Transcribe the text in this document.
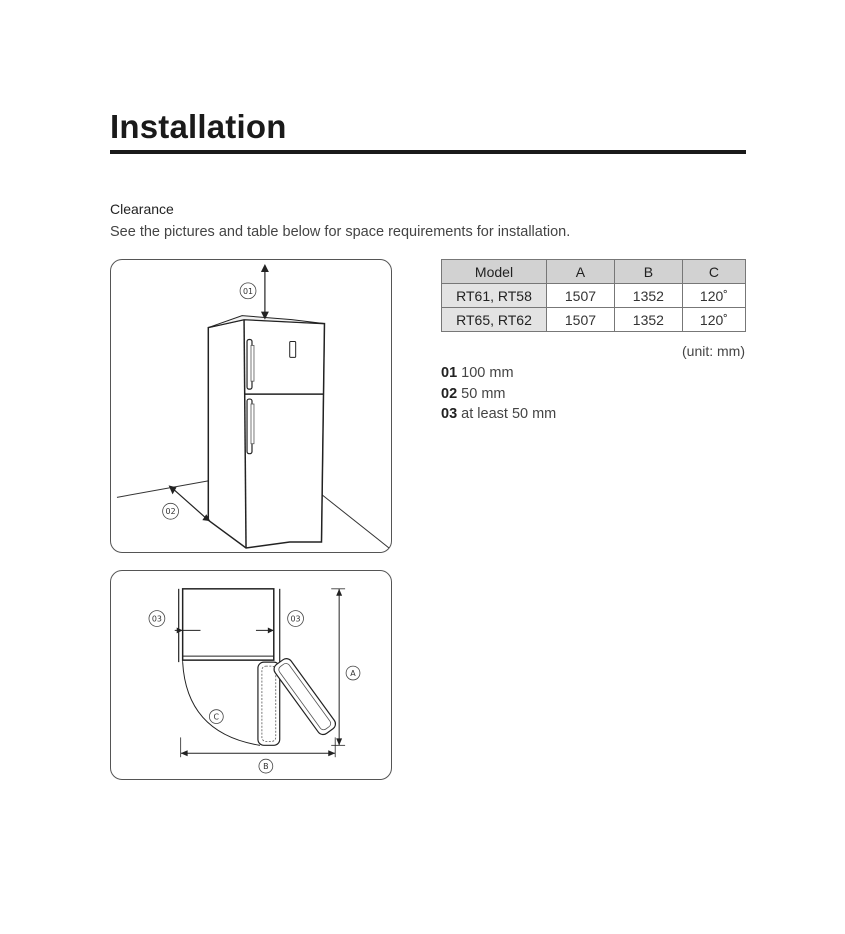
Installation
Clearance
See the pictures and table below for space requirements for installation.
01
02
03	03
C
A
B
Model	A	B	C
RT61, RT58	1507	1352	120˚
RT65, RT62	1507	1352	120˚
(unit: mm)
01 100 mm
02 50 mm
03 at least 50 mm
